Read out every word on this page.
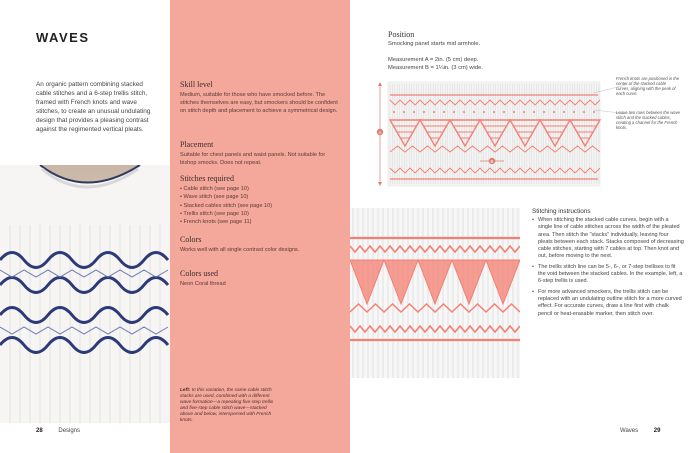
WAVES
An organic pattern combining stacked cable stitches and a 6-step trellis stitch, framed with French knots and wave stitches, to create an unusual undulating design that provides a pleasing contrast against the regimented vertical pleats.
28	Designs
Skill level
Medium, suitable for those who have smocked before. The stitches themselves are easy, but smockers should be confident on stitch depth and placement to achieve a symmetrical design.
Placement
Suitable for chest panels and waist panels. Not suitable for bishop smocks. Does not repeat.
Stitches required
• Cable stitch (see page 10)
• Wave stitch (see page 10)
• Stacked cables stitch (see page 10)
• Trellis stitch (see page 10)
• French knots (see page 11)
Colors
Works well with all single contrast color designs.
Colors used
Neon Coral thread
Left: In this variation, the same cable stitch stacks are used, combined with a different wave formation—a repeating five-step trellis and five-step cable stitch wave—stacked above and below, interspersed with French knots.
Position
Smocking panel starts mid armhole.
Measurement A = 2in. (5 cm) deep.
Measurement B = 1¼in. (3 cm) wide.
A
B
French knots are positioned in the center of the stacked cable curves, aligning with the peak of each curve.
Leave two rows between the wave stitch and the stacked cables, creating a channel for the French knots.
Stitching instructions
• When stitching the stacked cable curves, begin with a single line of cable stitches across the width of the pleated area. Then stitch the "stacks" individually, leaving four pleats between each stack. Stacks composed of decreasing cable stitches, starting with 7 cables at top. Then knot and out, before moving to the next.
• The trellis stitch line can be 5-, 6-, or 7-step trellises to fit the void between the stacked cables. In the example, left, a 6-step trellis is used.
• For more advanced smockers, the trellis stitch can be replaced with an undulating outline stitch for a more curved effect. For accurate curves, draw a line first with chalk pencil or heat-erasable marker, then stitch over.
Waves	29
